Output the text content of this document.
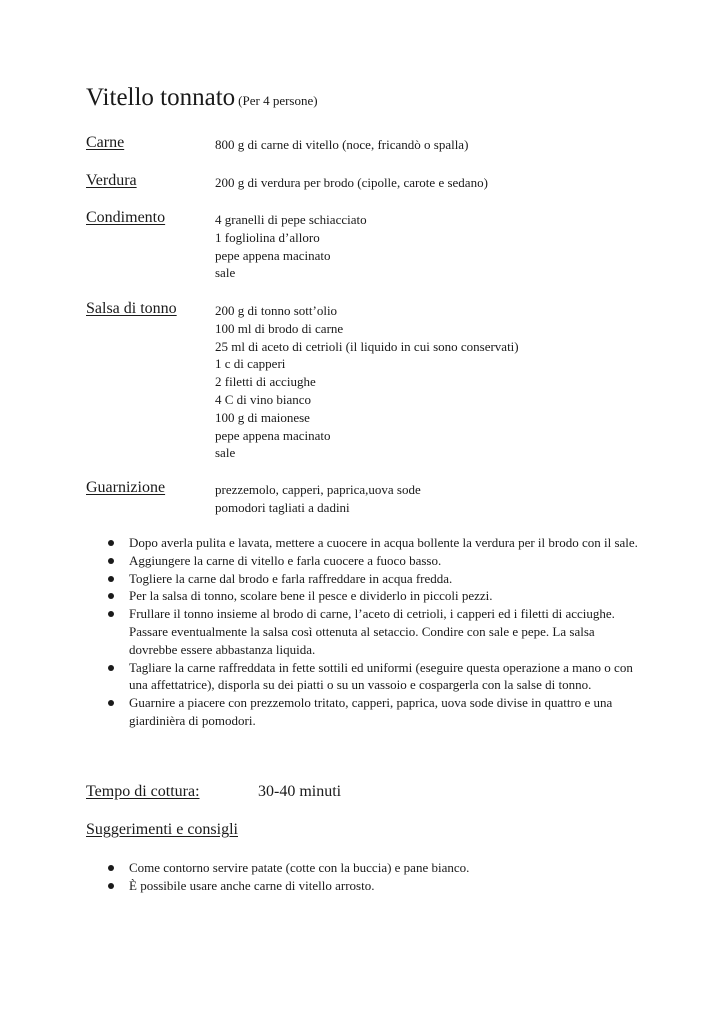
Vitello tonnato (Per 4 persone)
Carne	800 g di carne di vitello (noce, fricandò o spalla)
Verdura	200 g di verdura per brodo (cipolle, carote e sedano)
Condimento	4 granelli di pepe schiacciato
1 fogliolina d’alloro
pepe appena macinato
sale
Salsa di tonno	200 g di tonno sott’olio
100 ml di brodo di carne
25 ml di aceto di cetrioli (il liquido in cui sono conservati)
1 c di capperi
2 filetti di acciughe
4 C di vino bianco
100 g di maionese
pepe appena macinato
sale
Guarnizione	prezzemolo, capperi, paprica,uova sode
pomodori tagliati a dadini
Dopo averla pulita e lavata, mettere a cuocere in acqua bollente la verdura per il brodo con il sale.
Aggiungere la carne di vitello e farla cuocere a fuoco basso.
Togliere la carne dal brodo e farla raffreddare in acqua fredda.
Per la salsa di tonno, scolare bene il pesce e dividerlo in piccoli pezzi.
Frullare il tonno insieme al brodo di carne, l’aceto di cetrioli, i capperi ed i filetti di acciughe. Passare eventualmente la salsa così ottenuta al setaccio. Condire con sale e pepe. La salsa dovrebbe essere abbastanza liquida.
Tagliare la carne raffreddata in fette sottili ed uniformi (eseguire questa operazione a mano o con una affettatrice), disporla su dei piatti o su un vassoio e cospargerla con la salse di tonno.
Guarnire a piacere con prezzemolo tritato, capperi, paprica, uova sode divise in quattro e una giardinièra di pomodori.
Tempo di cottura:	30-40 minuti
Suggerimenti e consigli
Come contorno servire patate (cotte con la buccia) e pane bianco.
È possibile usare anche carne di vitello arrosto.
